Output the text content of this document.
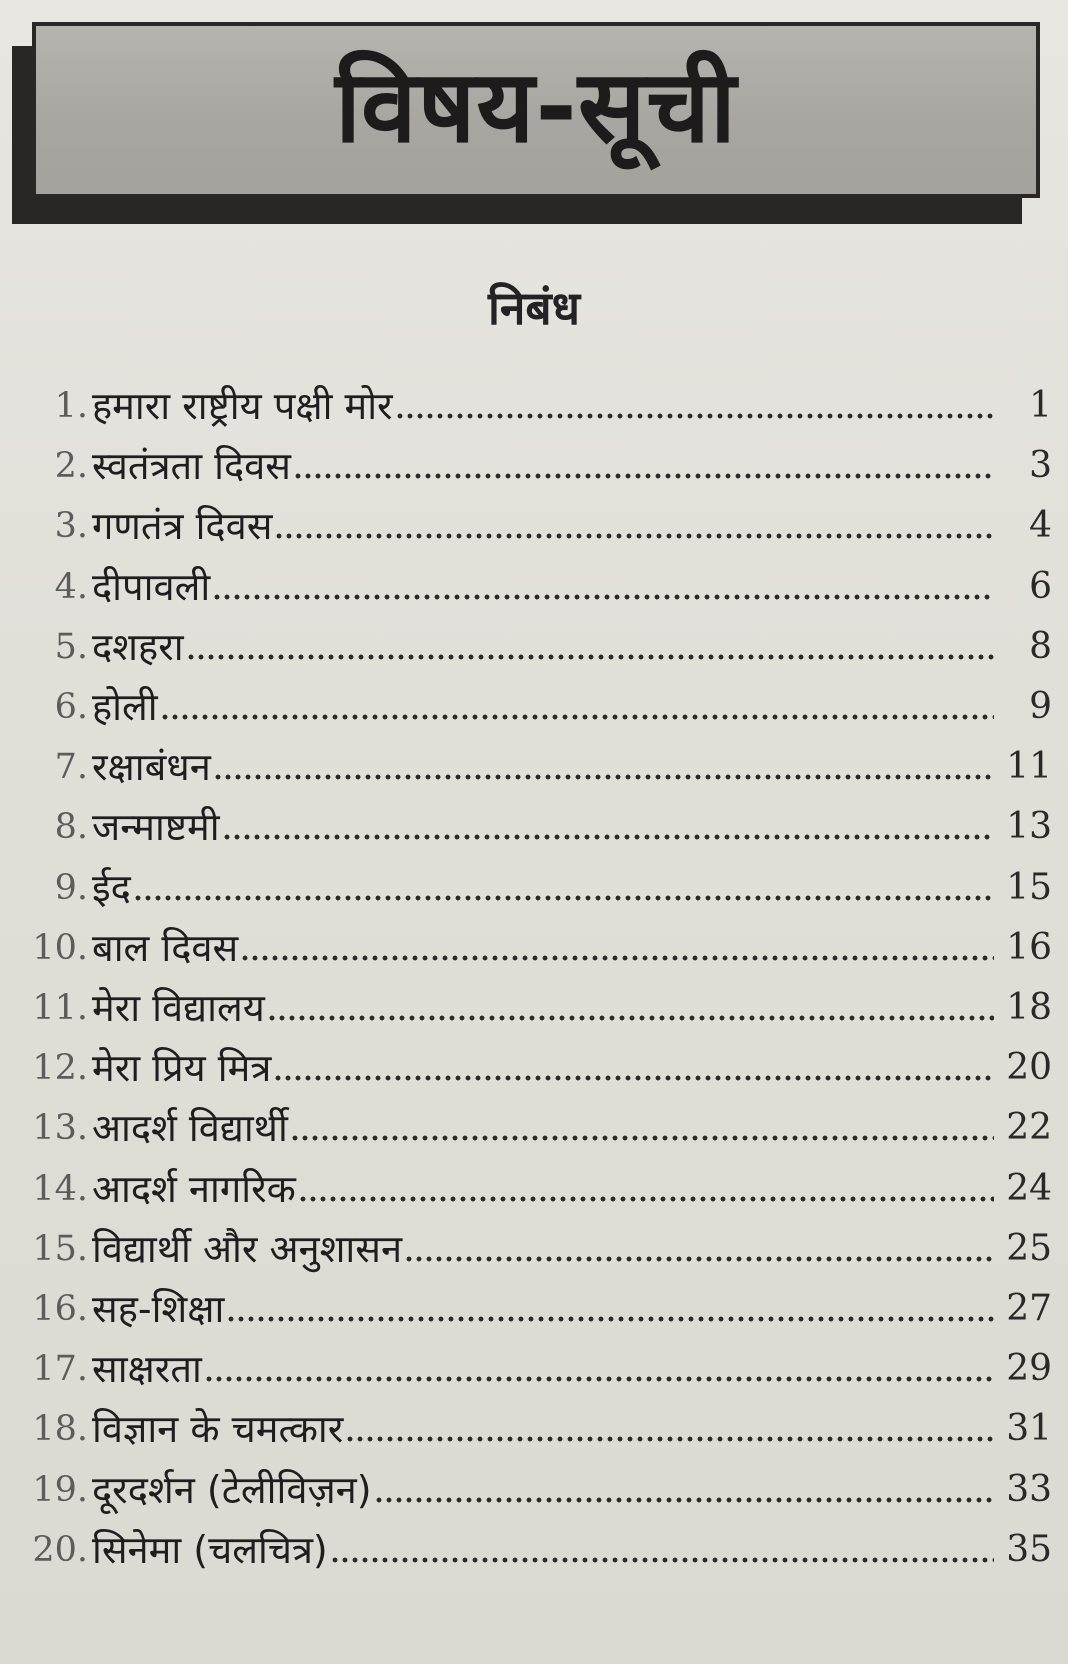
विषय-सूची
निबंध
1. हमारा राष्ट्रीय पक्षी मोर	1
2. स्वतंत्रता दिवस	3
3. गणतंत्र दिवस	4
4. दीपावली	6
5. दशहरा	8
6. होली	9
7. रक्षाबंधन	11
8. जन्माष्टमी	13
9. ईद	15
10. बाल दिवस	16
11. मेरा विद्यालय	18
12. मेरा प्रिय मित्र	20
13. आदर्श विद्यार्थी	22
14. आदर्श नागरिक	24
15. विद्यार्थी और अनुशासन	25
16. सह-शिक्षा	27
17. साक्षरता	29
18. विज्ञान के चमत्कार	31
19. दूरदर्शन (टेलीविज़न)	33
20. सिनेमा (चलचित्र)	35
